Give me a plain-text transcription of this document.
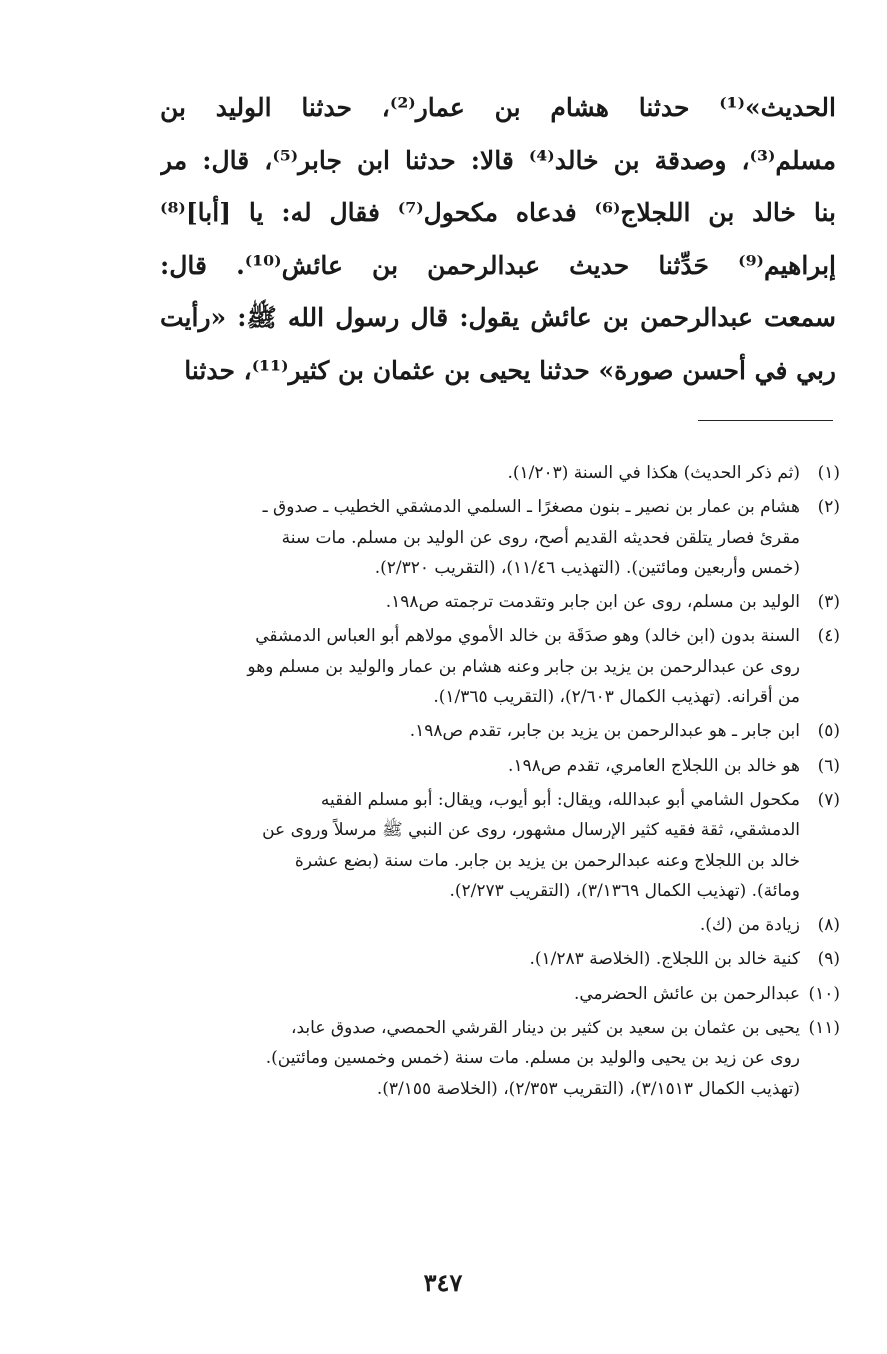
الحديث»⁽¹⁾ حدثنا هشام بن عمار⁽²⁾، حدثنا الوليد بن
مسلم⁽³⁾، وصدقة بن خالد⁽⁴⁾ قالا: حدثنا ابن جابر⁽⁵⁾، قال: مر
بنا خالد بن اللجلاج⁽⁶⁾ فدعاه مكحول⁽⁷⁾ فقال له: يا [أبا]⁽⁸⁾
إبراهيم⁽⁹⁾ حَدِّثنا حديث عبدالرحمن بن عائش⁽¹⁰⁾. قال:
سمعت عبدالرحمن بن عائش يقول: قال رسول الله ﷺ: «رأيت
ربي في أحسن صورة» حدثنا يحيى بن عثمان بن كثير⁽¹¹⁾، حدثنا
(١)
(ثم ذكر الحديث) هكذا في السنة (١/٢٠٣).
(٢)
هشام بن عمار بن نصير ـ بنون مصغرًا ـ السلمي الدمشقي الخطيب ـ صدوق ـ
مقرئ فصار يتلقن فحديثه القديم أصح، روى عن الوليد بن مسلم. مات سنة
(خمس وأربعين ومائتين). (التهذيب ١١/٤٦)، (التقريب ٢/٣٢٠).
(٣)
الوليد بن مسلم، روى عن ابن جابر وتقدمت ترجمته ص١٩٨.
(٤)
السنة بدون (ابن خالد) وهو صدَقَة بن خالد الأموي مولاهم أبو العباس الدمشقي
روى عن عبدالرحمن بن يزيد بن جابر وعنه هشام بن عمار والوليد بن مسلم وهو
من أقرانه. (تهذيب الكمال ٢/٦٠٣)، (التقريب ١/٣٦٥).
(٥)
ابن جابر ـ هو عبدالرحمن بن يزيد بن جابر، تقدم ص١٩٨.
(٦)
هو خالد بن اللجلاج العامري، تقدم ص١٩٨.
(٧)
مكحول الشامي أبو عبدالله، ويقال: أبو أيوب، ويقال: أبو مسلم الفقيه
الدمشقي، ثقة فقيه كثير الإرسال مشهور، روى عن النبي ﷺ مرسلاً وروى عن
خالد بن اللجلاج وعنه عبدالرحمن بن يزيد بن جابر. مات سنة (بضع عشرة
ومائة). (تهذيب الكمال ٣/١٣٦٩)، (التقريب ٢/٢٧٣).
(٨)
زيادة من (ك).
(٩)
كنية خالد بن اللجلاج. (الخلاصة ١/٢٨٣).
(١٠)
عبدالرحمن بن عائش الحضرمي.
(١١)
يحيى بن عثمان بن سعيد بن كثير بن دينار القرشي الحمصي، صدوق عابد،
روى عن زيد بن يحيى والوليد بن مسلم. مات سنة (خمس وخمسين ومائتين).
(تهذيب الكمال ٣/١٥١٣)، (التقريب ٢/٣٥٣)، (الخلاصة ٣/١٥٥).
٣٤٧
